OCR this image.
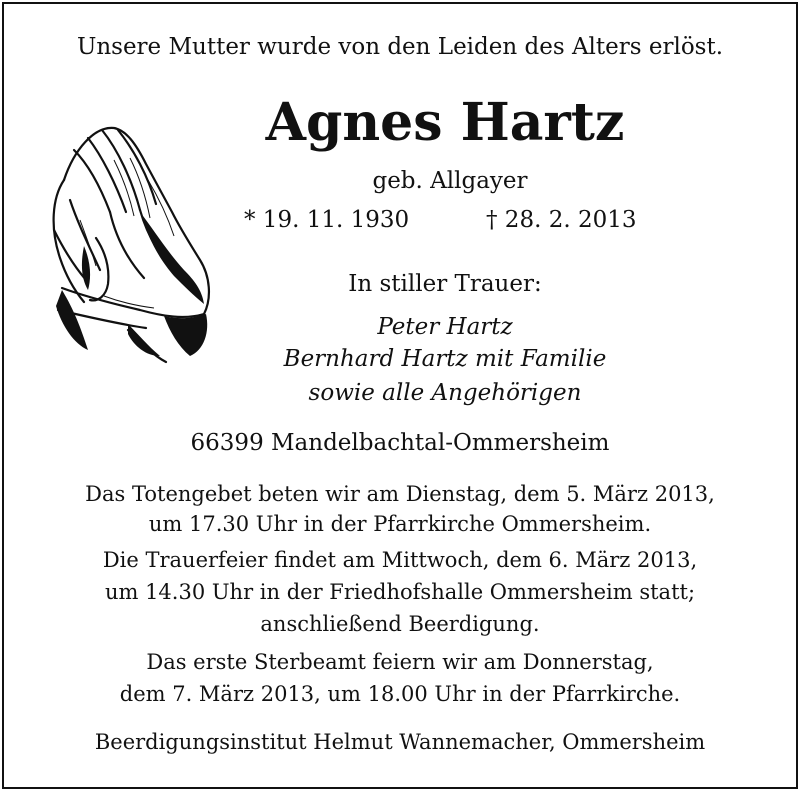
Unsere Mutter wurde von den Leiden des Alters erlöst.
Agnes Hartz
geb. Allgayer
* 19. 11. 1930	† 28. 2. 2013
In stiller Trauer:
Peter Hartz
Bernhard Hartz mit Familie
sowie alle Angehörigen
66399 Mandelbachtal-Ommersheim
Das Totengebet beten wir am Dienstag, dem 5. März 2013,
um 17.30 Uhr in der Pfarrkirche Ommersheim.
Die Trauerfeier findet am Mittwoch, dem 6. März 2013,
um 14.30 Uhr in der Friedhofshalle Ommersheim statt;
anschließend Beerdigung.
Das erste Sterbeamt feiern wir am Donnerstag,
dem 7. März 2013, um 18.00 Uhr in der Pfarrkirche.
Beerdigungsinstitut Helmut Wannemacher, Ommersheim
